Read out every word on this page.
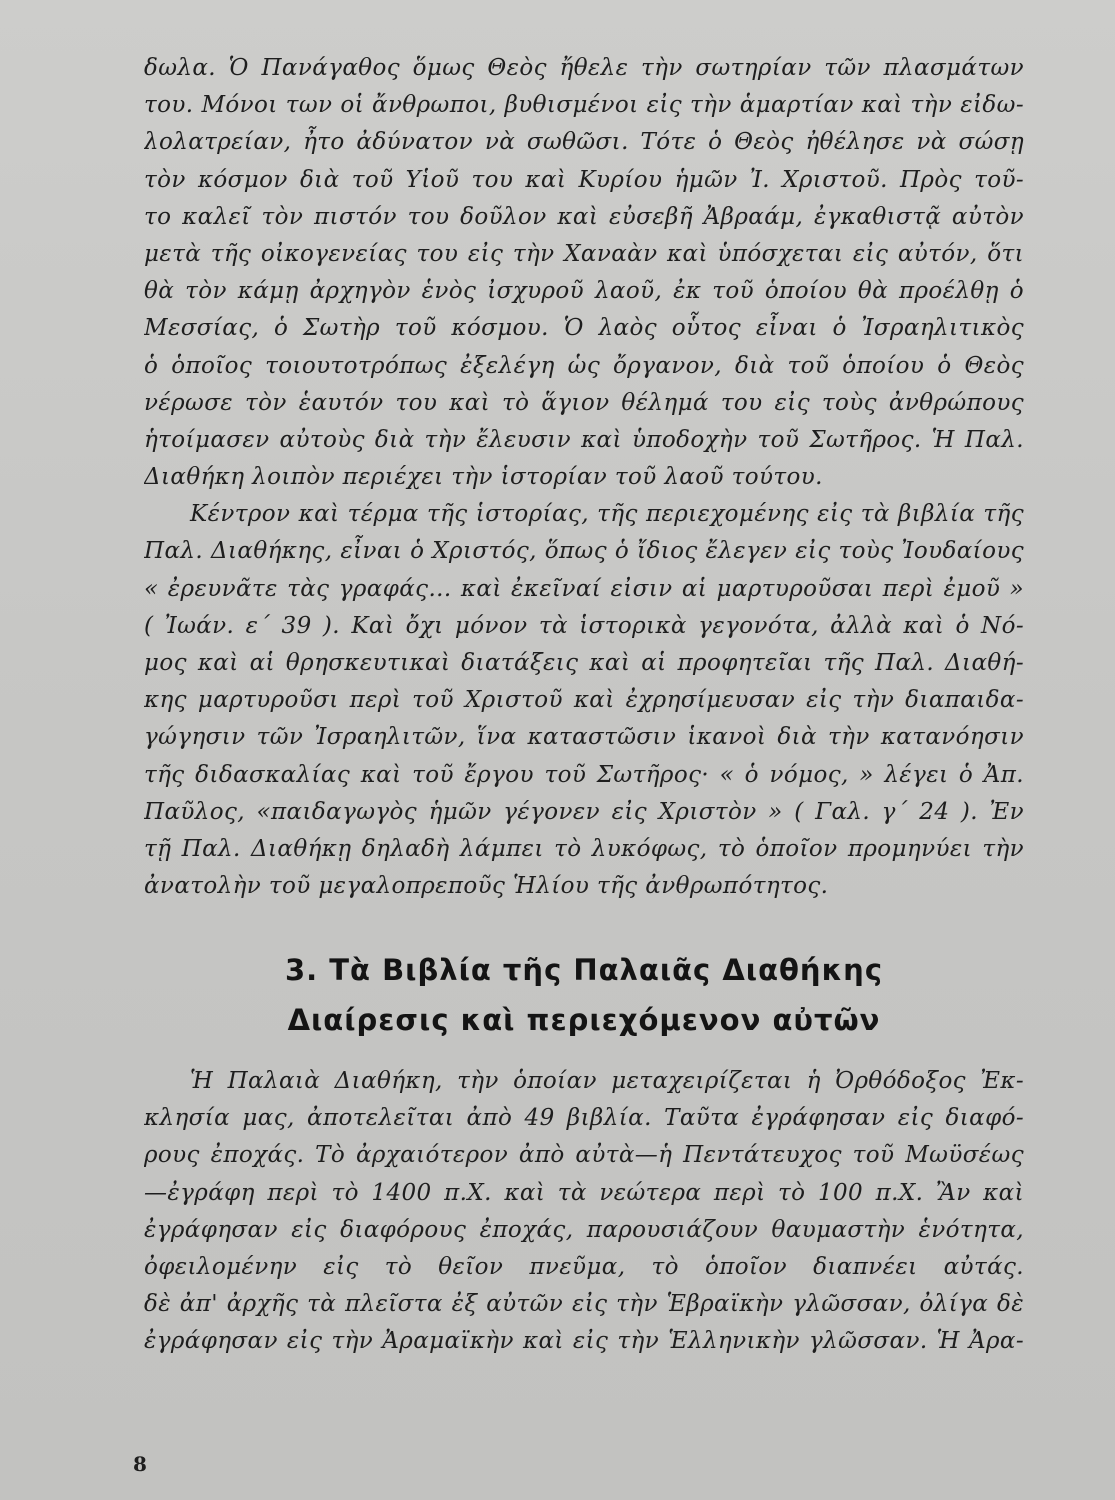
δωλα. Ὁ Πανάγαθος ὅμως Θεὸς ἤθελε τὴν σωτηρίαν τῶν πλασμάτων
του. Μόνοι των οἱ ἄνθρωποι, βυθισμένοι εἰς τὴν ἁμαρτίαν καὶ τὴν εἰδω-
λολατρείαν, ἦτο ἀδύνατον νὰ σωθῶσι. Τότε ὁ Θεὸς ἠθέλησε νὰ σώσῃ
τὸν κόσμον διὰ τοῦ Υἱοῦ του καὶ Κυρίου ἡμῶν Ἰ. Χριστοῦ. Πρὸς τοῦ-
το καλεῖ τὸν πιστόν του δοῦλον καὶ εὐσεβῆ Ἀβραάμ, ἐγκαθιστᾷ αὐτὸν
μετὰ τῆς οἰκογενείας του εἰς τὴν Χαναὰν καὶ ὑπόσχεται εἰς αὐτόν, ὅτι
θὰ τὸν κάμῃ ἀρχηγὸν ἑνὸς ἰσχυροῦ λαοῦ, ἐκ τοῦ ὁποίου θὰ προέλθῃ ὁ
Μεσσίας, ὁ Σωτὴρ τοῦ κόσμου. Ὁ λαὸς οὗτος εἶναι ὁ Ἰσραηλιτικὸς
ὁ ὁποῖος τοιουτοτρόπως ἐξελέγη ὡς ὄργανον, διὰ τοῦ ὁποίου ὁ Θεὸς
νέρωσε τὸν ἑαυτόν του καὶ τὸ ἅγιον θέλημά του εἰς τοὺς ἀνθρώπους
ἡτοίμασεν αὐτοὺς διὰ τὴν ἔλευσιν καὶ ὑποδοχὴν τοῦ Σωτῆρος. Ἡ Παλ.
Διαθήκη λοιπὸν περιέχει τὴν ἱστορίαν τοῦ λαοῦ τούτου.
Κέντρον καὶ τέρμα τῆς ἱστορίας, τῆς περιεχομένης εἰς τὰ βιβλία τῆς
Παλ. Διαθήκης, εἶναι ὁ Χριστός, ὅπως ὁ ἴδιος ἔλεγεν εἰς τοὺς Ἰουδαίους
« ἐρευνᾶτε τὰς γραφάς... καὶ ἐκεῖναί εἰσιν αἱ μαρτυροῦσαι περὶ ἐμοῦ »
( Ἰωάν. ε΄ 39 ). Καὶ ὄχι μόνον τὰ ἱστορικὰ γεγονότα, ἀλλὰ καὶ ὁ Νό-
μος καὶ αἱ θρησκευτικαὶ διατάξεις καὶ αἱ προφητεῖαι τῆς Παλ. Διαθή-
κης μαρτυροῦσι περὶ τοῦ Χριστοῦ καὶ ἐχρησίμευσαν εἰς τὴν διαπαιδα-
γώγησιν τῶν Ἰσραηλιτῶν, ἵνα καταστῶσιν ἱκανοὶ διὰ τὴν κατανόησιν
τῆς διδασκαλίας καὶ τοῦ ἔργου τοῦ Σωτῆρος· « ὁ νόμος, » λέγει ὁ Ἀπ.
Παῦλος, «παιδαγωγὸς ἡμῶν γέγονεν εἰς Χριστὸν » ( Γαλ. γ΄ 24 ). Ἐν
τῇ Παλ. Διαθήκῃ δηλαδὴ λάμπει τὸ λυκόφως, τὸ ὁποῖον προμηνύει τὴν
ἀνατολὴν τοῦ μεγαλοπρεποῦς Ἡλίου τῆς ἀνθρωπότητος.
3. Τὰ Βιβλία τῆς Παλαιᾶς Διαθήκης
Διαίρεσις καὶ περιεχόμενον αὐτῶν
Ἡ Παλαιὰ Διαθήκη, τὴν ὁποίαν μεταχειρίζεται ἡ Ὀρθόδοξος Ἐκ-
κλησία μας, ἀποτελεῖται ἀπὸ 49 βιβλία. Ταῦτα ἐγράφησαν εἰς διαφό-
ρους ἐποχάς. Τὸ ἀρχαιότερον ἀπὸ αὐτὰ—ἡ Πεντάτευχος τοῦ Μωϋσέως
—ἐγράφη περὶ τὸ 1400 π.Χ. καὶ τὰ νεώτερα περὶ τὸ 100 π.Χ. Ἂν καὶ
ἐγράφησαν εἰς διαφόρους ἐποχάς, παρουσιάζουν θαυμαστὴν ἑνότητα,
ὀφειλομένην εἰς τὸ θεῖον πνεῦμα, τὸ ὁποῖον διαπνέει αὐτάς.
δὲ ἀπ' ἀρχῆς τὰ πλεῖστα ἐξ αὐτῶν εἰς τὴν Ἑβραϊκὴν γλῶσσαν, ὀλίγα δὲ
ἐγράφησαν εἰς τὴν Ἀραμαϊκὴν καὶ εἰς τὴν Ἑλληνικὴν γλῶσσαν. Ἡ Ἀρα-
8
